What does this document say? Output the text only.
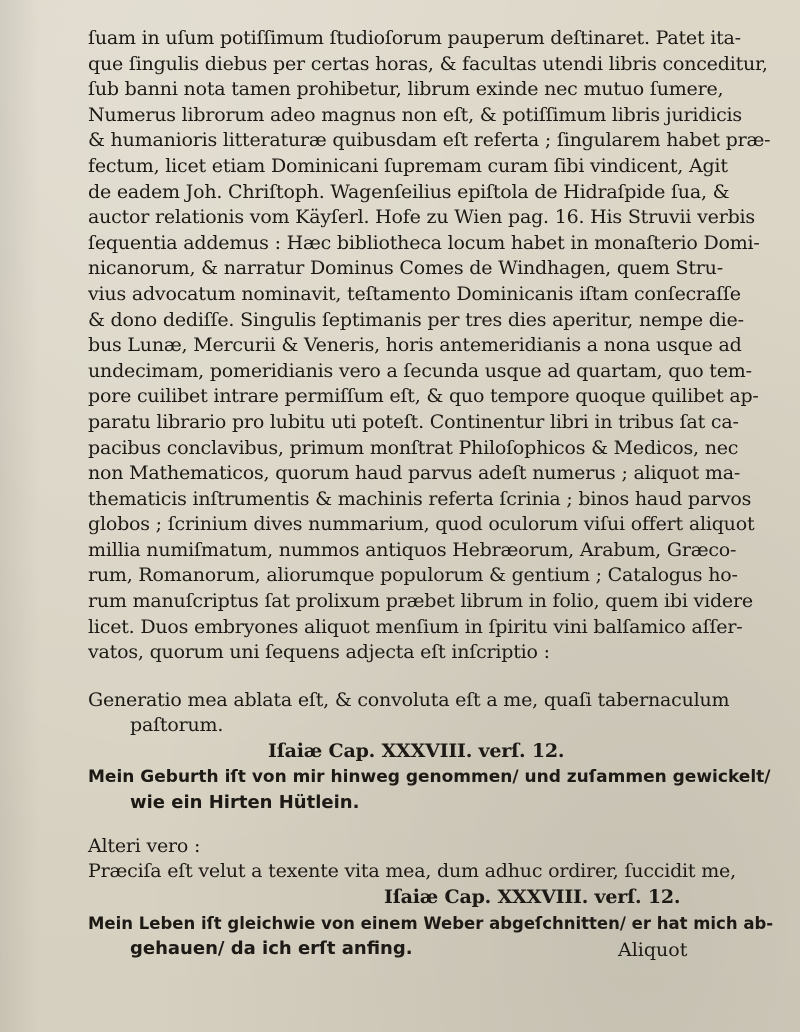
ſuam in uſum potiſſimum ſtudioſorum pauperum deſtinaret. Patet ita-
que ſingulis diebus per certas horas, & facultas utendi libris conceditur,
ſub banni nota tamen prohibetur, librum exinde nec mutuo ſumere,
Numerus librorum adeo magnus non eſt, & potiſſimum libris juridicis
& humanioris litteraturæ quibusdam eſt referta ; ſingularem habet præ-
fectum, licet etiam Dominicani ſupremam curam ſibi vindicent, Agit
de eadem Joh. Chriſtoph. Wagenſeilius epiſtola de Hidraſpide ſua, &
auctor relationis vom Käyſerl. Hofe zu Wien pag. 16. His Struvii verbis
ſequentia addemus : Hæc bibliotheca locum habet in monaſterio Domi-
nicanorum, & narratur Dominus Comes de Windhagen, quem Stru-
vius advocatum nominavit, teſtamento Dominicanis iſtam conſecraſſe
& dono dediſſe. Singulis ſeptimanis per tres dies aperitur, nempe die-
bus Lunæ, Mercurii & Veneris, horis antemeridianis a nona usque ad
undecimam, pomeridianis vero a ſecunda usque ad quartam, quo tem-
pore cuilibet intrare permiſſum eſt, & quo tempore quoque quilibet ap-
paratu librario pro lubitu uti poteſt. Continentur libri in tribus ſat ca-
pacibus conclavibus, primum monſtrat Philoſophicos & Medicos, nec
non Mathematicos, quorum haud parvus adeſt numerus ; aliquot ma-
thematicis inſtrumentis & machinis referta ſcrinia ; binos haud parvos
globos ; ſcrinium dives nummarium, quod oculorum viſui offert aliquot
millia numiſmatum, nummos antiquos Hebræorum, Arabum, Græco-
rum, Romanorum, aliorumque populorum & gentium ; Catalogus ho-
rum manuſcriptus ſat prolixum præbet librum in folio, quem ibi videre
licet. Duos embryones aliquot menſium in ſpiritu vini balſamico aſſer-
vatos, quorum uni ſequens adjecta eſt inſcriptio :
Generatio mea ablata eſt, & convoluta eſt a me, quaſi tabernaculum
paſtorum.
Iſaiæ Cap. XXXVIII. verſ. 12.
Mein Geburth iſt von mir hinweg genommen/ und zuſammen gewickelt/
wie ein Hirten Hütlein.
Alteri vero :
Præciſa eſt velut a texente vita mea, dum adhuc ordirer, ſuccidit me,
Iſaiæ Cap. XXXVIII. verſ. 12.
Mein Leben iſt gleichwie von einem Weber abgeſchnitten/ er hat mich ab-
gehauen/ da ich erſt anfing.	Aliquot
